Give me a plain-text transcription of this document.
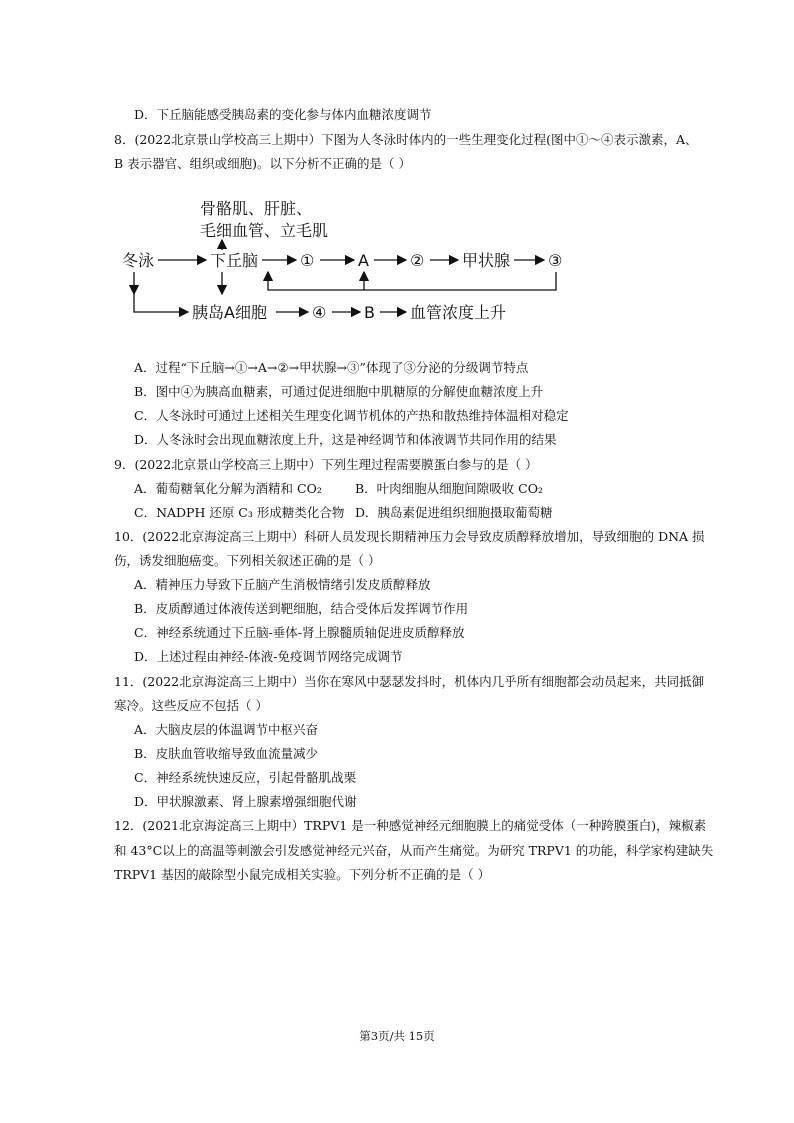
D．下丘脑能感受胰岛素的变化参与体内血糖浓度调节
8．(2022北京景山学校高三上期中）下图为人冬泳时体内的一些生理变化过程(图中①～④表示激素，A、
B 表示器官、组织或细胞)。以下分析不正确的是（ ）
骨骼肌、肝脏、
毛细血管、立毛肌
冬泳	下丘脑	①	A	② 甲状腺 ③
胰岛A细胞	④ B 血管浓度上升
A．过程“下丘脑→①→A→②→甲状腺→③”体现了③分泌的分级调节特点
B．图中④为胰高血糖素，可通过促进细胞中肌糖原的分解使血糖浓度上升
C．人冬泳时可通过上述相关生理变化调节机体的产热和散热维持体温相对稳定
D．人冬泳时会出现血糖浓度上升，这是神经调节和体液调节共同作用的结果
9．(2022北京景山学校高三上期中）下列生理过程需要膜蛋白参与的是（ ）
A．葡萄糖氧化分解为酒精和 CO₂	B．叶肉细胞从细胞间隙吸收 CO₂
C．NADPH 还原 C₃ 形成糖类化合物 D．胰岛素促进组织细胞摄取葡萄糖
10．(2022北京海淀高三上期中）科研人员发现长期精神压力会导致皮质醇释放增加，导致细胞的 DNA 损
伤，诱发细胞癌变。下列相关叙述正确的是（ ）
A．精神压力导致下丘脑产生消极情绪引发皮质醇释放
B．皮质醇通过体液传送到靶细胞，结合受体后发挥调节作用
C．神经系统通过下丘脑-垂体-肾上腺髓质轴促进皮质醇释放
D．上述过程由神经-体液-免疫调节网络完成调节
11．(2022北京海淀高三上期中）当你在寒风中瑟瑟发抖时，机体内几乎所有细胞都会动员起来，共同抵御
寒冷。这些反应不包括（ ）
A．大脑皮层的体温调节中枢兴奋
B．皮肤血管收缩导致血流量减少
C．神经系统快速反应，引起骨骼肌战栗
D．甲状腺激素、肾上腺素增强细胞代谢
12．(2021北京海淀高三上期中）TRPV1 是一种感觉神经元细胞膜上的痛觉受体（一种跨膜蛋白)，辣椒素
和 43°C以上的高温等刺激会引发感觉神经元兴奋，从而产生痛觉。为研究 TRPV1 的功能，科学家构建缺失
TRPV1 基因的敲除型小鼠完成相关实验。下列分析不正确的是（ ）
第3页/共 15页
